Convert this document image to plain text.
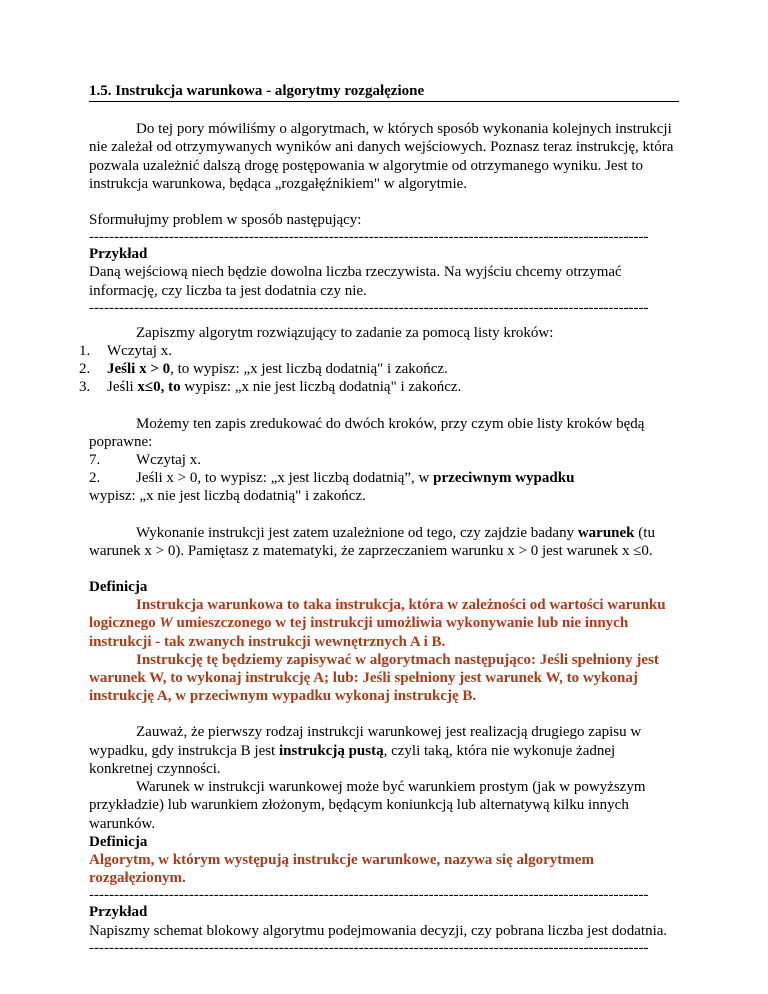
1.5. Instrukcja warunkowa - algorytmy rozgałęzione

Do tej pory mówiliśmy o algorytmach, w których sposób wykonania kolejnych instrukcji nie zależał od otrzymywanych wyników ani danych wejściowych. Poznasz teraz instrukcję, która pozwala uzależnić dalszą drogę postępowania w algorytmie od otrzymanego wyniku. Jest to instrukcja warunkowa, będąca „rozgałęźnikiem" w algorytmie.

Sformułujmy problem w sposób następujący:

----------------------------------------------------------------------------------------------------------------

Przykład

Daną wejściową niech będzie dowolna liczba rzeczywista. Na wyjściu chcemy otrzymać informację, czy liczba ta jest dodatnia czy nie.

----------------------------------------------------------------------------------------------------------------

Zapiszmy algorytm rozwiązujący to zadanie za pomocą listy kroków:

1.	Wczytaj x.
2.	Jeśli x > 0, to wypisz: „x jest liczbą dodatnią" i zakończ.
3.	Jeśli x≤0, to wypisz: „x nie jest liczbą dodatnią" i zakończ.

Możemy ten zapis zredukować do dwóch kroków, przy czym obie listy kroków będą poprawne:

7. Wczytaj x.
2. Jeśli x > 0, to wypisz: „x jest liczbą dodatnią”, w przeciwnym wypadku

wypisz: „x nie jest liczbą dodatnią" i zakończ.

Wykonanie instrukcji jest zatem uzależnione od tego, czy zajdzie badany warunek (tu warunek x > 0). Pamiętasz z matematyki, że zaprzeczaniem warunku x > 0 jest warunek x ≤0.

Definicja

Instrukcja warunkowa to taka instrukcja, która w zależności od wartości warunku logicznego W umieszczonego w tej instrukcji umożliwia wykonywanie lub nie innych instrukcji - tak zwanych instrukcji wewnętrznych A i B.

Instrukcję tę będziemy zapisywać w algorytmach następująco: Jeśli spełniony jest warunek W, to wykonaj instrukcję A; lub: Jeśli spełniony jest warunek W, to wykonaj instrukcję A, w przeciwnym wypadku wykonaj instrukcję B.

Zauważ, że pierwszy rodzaj instrukcji warunkowej jest realizacją drugiego zapisu w wypadku, gdy instrukcja B jest instrukcją pustą, czyli taką, która nie wykonuje żadnej konkretnej czynności.

Warunek w instrukcji warunkowej może być warunkiem prostym (jak w powyższym przykładzie) lub warunkiem złożonym, będącym koniunkcją lub alternatywą kilku innych warunków.

Definicja

Algorytm, w którym występują instrukcje warunkowe, nazywa się algorytmem rozgałęzionym.

----------------------------------------------------------------------------------------------------------------

Przykład

Napiszmy schemat blokowy algorytmu podejmowania decyzji, czy pobrana liczba jest dodatnia.

----------------------------------------------------------------------------------------------------------------
